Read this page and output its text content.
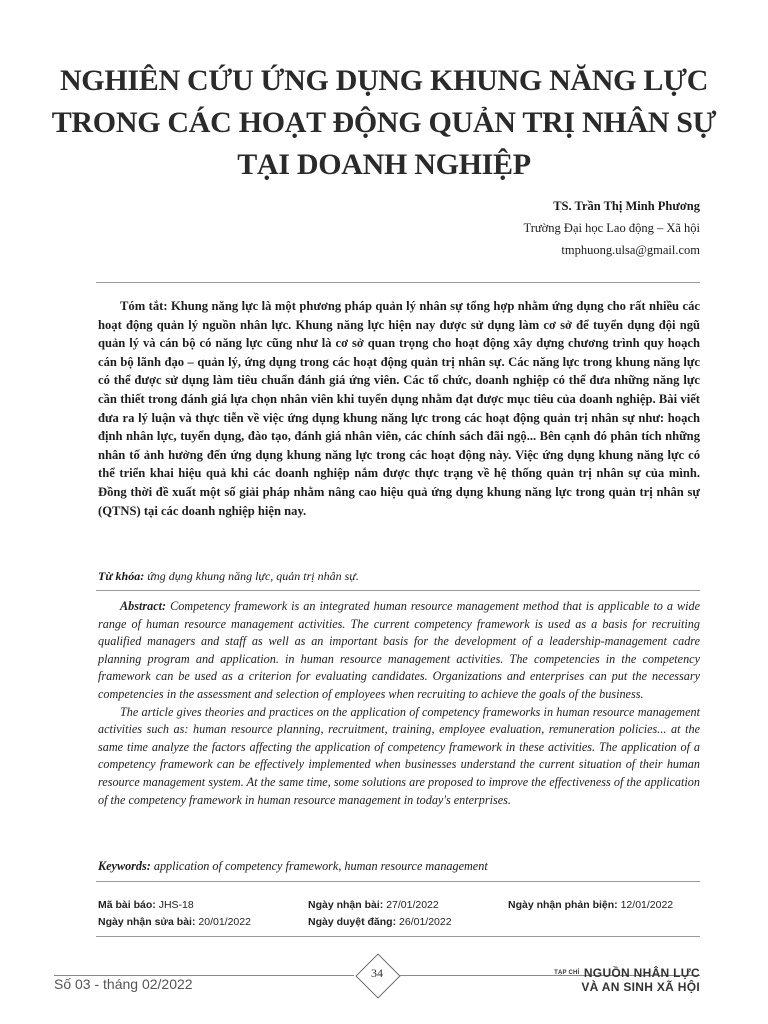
NGHIÊN CỨU ỨNG DỤNG KHUNG NĂNG LỰC
TRONG CÁC HOẠT ĐỘNG QUẢN TRỊ NHÂN SỰ
TẠI DOANH NGHIỆP
TS. Trần Thị Minh Phương
Trường Đại học Lao động – Xã hội
tmphuong.ulsa@gmail.com

Tóm tắt: Khung năng lực là một phương pháp quản lý nhân sự tổng hợp nhằm ứng dụng cho rất nhiều các hoạt động quản lý nguồn nhân lực. Khung năng lực hiện nay được sử dụng làm cơ sở để tuyển dụng đội ngũ quản lý và cán bộ có năng lực cũng như là cơ sở quan trọng cho hoạt động xây dựng chương trình quy hoạch cán bộ lãnh đạo – quản lý, ứng dụng trong các hoạt động quản trị nhân sự. Các năng lực trong khung năng lực có thể được sử dụng làm tiêu chuẩn đánh giá ứng viên. Các tổ chức, doanh nghiệp có thể đưa những năng lực cần thiết trong đánh giá lựa chọn nhân viên khi tuyển dụng nhằm đạt được mục tiêu của doanh nghiệp. Bài viết đưa ra lý luận và thực tiễn về việc ứng dụng khung năng lực trong các hoạt động quản trị nhân sự như: hoạch định nhân lực, tuyển dụng, đào tạo, đánh giá nhân viên, các chính sách đãi ngộ... Bên cạnh đó phân tích những nhân tố ảnh hưởng đến ứng dụng khung năng lực trong các hoạt động này. Việc ứng dụng khung năng lực có thể triển khai hiệu quả khi các doanh nghiệp nắm được thực trạng về hệ thống quản trị nhân sự của mình. Đồng thời đề xuất một số giải pháp nhằm nâng cao hiệu quả ứng dụng khung năng lực trong quản trị nhân sự (QTNS) tại các doanh nghiệp hiện nay.

Từ khóa: ứng dụng khung năng lực, quản trị nhân sự.

Abstract: Competency framework is an integrated human resource management method that is applicable to a wide range of human resource management activities. The current competency framework is used as a basis for recruiting qualified managers and staff as well as an important basis for the development of a leadership-management cadre planning program and application. in human resource management activities. The competencies in the competency framework can be used as a criterion for evaluating candidates. Organizations and enterprises can put the necessary competencies in the assessment and selection of employees when recruiting to achieve the goals of the business.

The article gives theories and practices on the application of competency frameworks in human resource management activities such as: human resource planning, recruitment, training, employee evaluation, remuneration policies... at the same time analyze the factors affecting the application of competency framework in these activities. The application of a competency framework can be effectively implemented when businesses understand the current situation of their human resource management system. At the same time, some solutions are proposed to improve the effectiveness of the application of the competency framework in human resource management in today's enterprises.

Keywords: application of competency framework, human resource management
Mã bài báo: JHS-18	Ngày nhận bài: 27/01/2022	Ngày nhận phản biện: 12/01/2022
Ngày nhận sửa bài: 20/01/2022	Ngày duyệt đăng: 26/01/2022
Số 03 - tháng 02/2022
34	$^{TẠP CHÍ}$ NGUỒN NHÂN LỰC
VÀ AN SINH XÃ HỘI
